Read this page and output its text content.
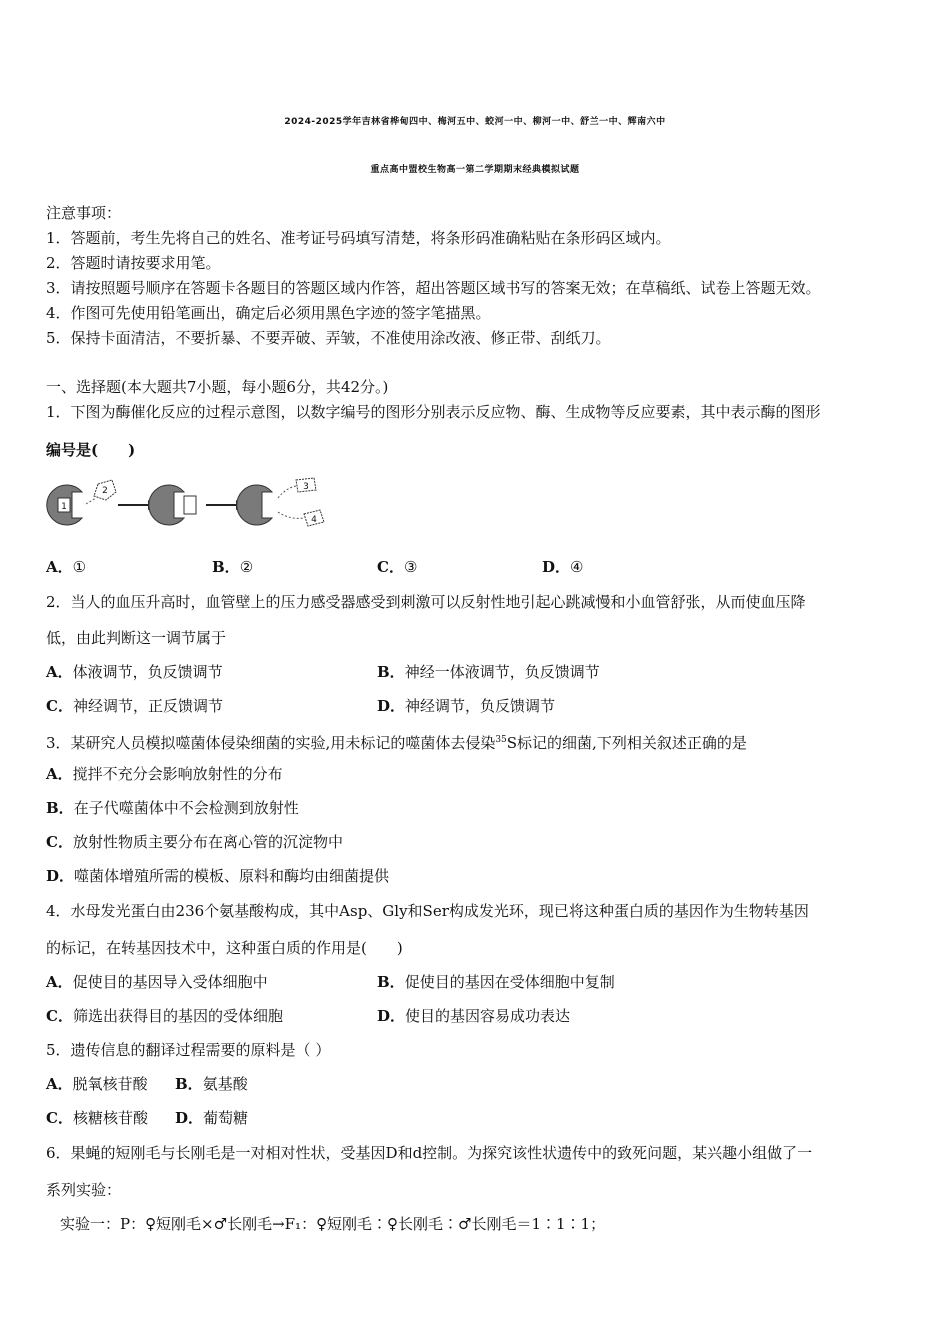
2024-2025学年吉林省桦甸四中、梅河五中、蛟河一中、柳河一中、舒兰一中、辉南六中
重点高中盟校生物高一第二学期期末经典模拟试题
注意事项：
1．答题前，考生先将自己的姓名、准考证号码填写清楚，将条形码准确粘贴在条形码区域内。
2．答题时请按要求用笔。
3．请按照题号顺序在答题卡各题目的答题区域内作答，超出答题区域书写的答案无效；在草稿纸、试卷上答题无效。
4．作图可先使用铅笔画出，确定后必须用黑色字迹的签字笔描黑。
5．保持卡面清洁，不要折暴、不要弄破、弄皱，不准使用涂改液、修正带、刮纸刀。
一、选择题(本大题共7小题，每小题6分，共42分。)
1．下图为酶催化反应的过程示意图，以数字编号的图形分别表示反应物、酶、生成物等反应要素，其中表示酶的图形
编号是(　　)
1
2	3
4
A．①	B．②	C．③	D．④
2．当人的血压升高时，血管壁上的压力感受器感受到刺激可以反射性地引起心跳减慢和小血管舒张，从而使血压降
低，由此判断这一调节属于
A．体液调节，负反馈调节	B．神经一体液调节，负反馈调节
C．神经调节，正反馈调节	D．神经调节，负反馈调节
3．某研究人员模拟噬菌体侵染细菌的实验,用未标记的噬菌体去侵染$^{35}$S标记的细菌,下列相关叙述正确的是
A．搅拌不充分会影响放射性的分布
B．在子代噬菌体中不会检测到放射性
C．放射性物质主要分布在离心管的沉淀物中
D．噬菌体增殖所需的模板、原料和酶均由细菌提供
4．水母发光蛋白由236个氨基酸构成，其中Asp、Gly和Ser构成发光环，现已将这种蛋白质的基因作为生物转基因
的标记，在转基因技术中，这种蛋白质的作用是(　　)
A．促使目的基因导入受体细胞中	B．促使目的基因在受体细胞中复制
C．筛选出获得目的基因的受体细胞	D．使目的基因容易成功表达
5．遗传信息的翻译过程需要的原料是（ ）
A．脱氧核苷酸 B．氨基酸
C．核糖核苷酸 D．葡萄糖
6．果蝇的短刚毛与长刚毛是一对相对性状，受基因D和d控制。为探究该性状遗传中的致死问题，某兴趣小组做了一
系列实验：
实验一：P：♀短刚毛×♂长刚毛→F₁：♀短刚毛∶♀长刚毛∶♂长刚毛＝1∶1∶1；
